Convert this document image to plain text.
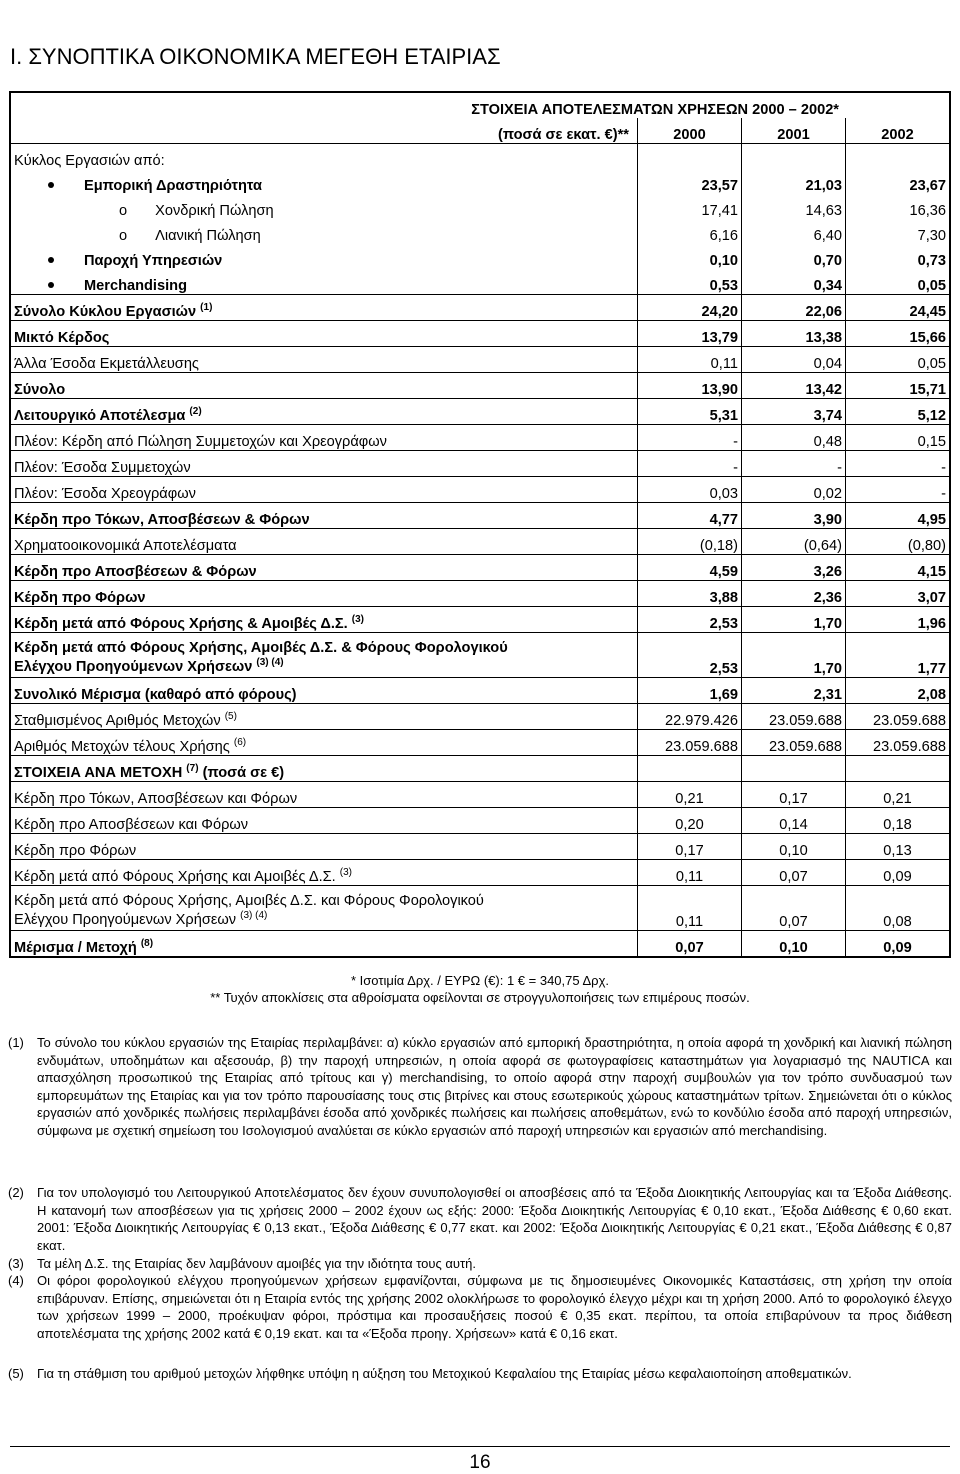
I. ΣΥΝΟΠΤΙΚΑ ΟΙΚΟΝΟΜΙΚΑ ΜΕΓΕΘΗ ΕΤΑΙΡΙΑΣ
ΣΤΟΙΧΕΙΑ ΑΠΟΤΕΛΕΣΜΑΤΩΝ ΧΡΗΣΕΩΝ 2000 – 2002*			
(ποσά σε εκατ. €)**	2000	2001	2002
Κύκλος Εργασιών από:			
Εμπορική Δραστηριότητα	23,57	21,03	23,67
o Χονδρική Πώληση	17,41	14,63	16,36
o Λιανική Πώληση	6,16	6,40	7,30
Παροχή Υπηρεσιών	0,10	0,70	0,73
Merchandising	0,53	0,34	0,05
Σύνολο Κύκλου Εργασιών $^{(1)}$	24,20	22,06	24,45
Μικτό Κέρδος	13,79	13,38	15,66
Άλλα Έσοδα Εκμετάλλευσης	0,11	0,04	0,05
Σύνολο	13,90	13,42	15,71
Λειτουργικό Αποτέλεσμα $^{(2)}$	5,31	3,74	5,12
Πλέον: Κέρδη από Πώληση Συμμετοχών και Χρεογράφων	-	0,48	0,15
Πλέον: Έσοδα Συμμετοχών	-	-	-
Πλέον: Έσοδα Χρεογράφων	0,03	0,02	-
Κέρδη προ Τόκων, Αποσβέσεων & Φόρων	4,77	3,90	4,95
Χρηματοοικονομικά Αποτελέσματα	(0,18)	(0,64)	(0,80)
Κέρδη προ Αποσβέσεων & Φόρων	4,59	3,26	4,15
Κέρδη προ Φόρων	3,88	2,36	3,07
Κέρδη μετά από Φόρους Χρήσης & Αμοιβές Δ.Σ. $^{(3)}$	2,53	1,70	1,96
Κέρδη μετά από Φόρους Χρήσης, Αμοιβές Δ.Σ. & Φόρους Φορολογικού
Ελέγχου Προηγούμενων Χρήσεων $^{(3) (4)}$	2,53	1,70	1,77
Συνολικό Μέρισμα (καθαρό από φόρους)	1,69	2,31	2,08
Σταθμισμένος Αριθμός Μετοχών $^{(5)}$	22.979.426	23.059.688	23.059.688
Αριθμός Μετοχών τέλους Χρήσης $^{(6)}$	23.059.688	23.059.688	23.059.688
ΣΤΟΙΧΕΙΑ ΑΝΑ ΜΕΤΟΧΗ $^{(7)}$ (ποσά σε €)			
Κέρδη προ Τόκων, Αποσβέσεων και Φόρων	0,21	0,17	0,21
Κέρδη προ Αποσβέσεων και Φόρων	0,20	0,14	0,18
Κέρδη προ Φόρων	0,17	0,10	0,13
Κέρδη μετά από Φόρους Χρήσης και Αμοιβές Δ.Σ. $^{(3)}$	0,11	0,07	0,09
Κέρδη μετά από Φόρους Χρήσης, Αμοιβές Δ.Σ. και Φόρους Φορολογικού
Ελέγχου Προηγούμενων Χρήσεων $^{(3) (4)}$	0,11	0,07	0,08
Μέρισμα / Μετοχή $^{(8)}$	0,07	0,10	0,09
* Ισοτιμία Δρχ. / ΕΥΡΩ (€): 1 € = 340,75 Δρχ.
** Τυχόν αποκλίσεις στα αθροίσματα οφείλονται σε στρογγυλοποιήσεις των επιμέρους ποσών.
(1) Το σύνολο του κύκλου εργασιών της Εταιρίας περιλαμβάνει: α) κύκλο εργασιών από εμπορική δραστηριότητα, η οποία αφορά τη χονδρική και λιανική πώληση ενδυμάτων, υποδημάτων και αξεσουάρ, β) την παροχή υπηρεσιών, η οποία αφορά σε φωτογραφίσεις καταστημάτων για λογαριασμό της NAUTICA και απασχόληση προσωπικού της Εταιρίας από τρίτους και γ) merchandising, το οποίο αφορά στην παροχή συμβουλών για τον τρόπο συνδυασμού των εμπορευμάτων της Εταιρίας και για τον τρόπο παρουσίασης τους στις βιτρίνες και στους εσωτερικούς χώρους καταστημάτων τρίτων. Σημειώνεται ότι ο κύκλος εργασιών από χονδρικές πωλήσεις περιλαμβάνει έσοδα από χονδρικές πωλήσεις και πωλήσεις αποθεμάτων, ενώ το κονδύλιο έσοδα από παροχή υπηρεσιών, σύμφωνα με σχετική σημείωση του Ισολογισμού αναλύεται σε κύκλο εργασιών από παροχή υπηρεσιών και εργασιών από merchandising.
(2) Για τον υπολογισμό του Λειτουργικού Αποτελέσματος δεν έχουν συνυπολογισθεί οι αποσβέσεις από τα Έξοδα Διοικητικής Λειτουργίας και τα Έξοδα Διάθεσης. Η κατανομή των αποσβέσεων για τις χρήσεις 2000 – 2002 έχουν ως εξής: 2000: Έξοδα Διοικητικής Λειτουργίας € 0,10 εκατ., Έξοδα Διάθεσης € 0,60 εκατ. 2001: Έξοδα Διοικητικής Λειτουργίας € 0,13 εκατ., Έξοδα Διάθεσης € 0,77 εκατ. και 2002: Έξοδα Διοικητικής Λειτουργίας € 0,21 εκατ., Έξοδα Διάθεσης € 0,87 εκατ.
(3) Τα μέλη Δ.Σ. της Εταιρίας δεν λαμβάνουν αμοιβές για την ιδιότητα τους αυτή.
(4) Οι φόροι φορολογικού ελέγχου προηγούμενων χρήσεων εμφανίζονται, σύμφωνα με τις δημοσιευμένες Οικονομικές Καταστάσεις, στη χρήση την οποία επιβάρυναν. Επίσης, σημειώνεται ότι η Εταιρία εντός της χρήσης 2002 ολοκλήρωσε το φορολογικό έλεγχο μέχρι και τη χρήση 2000. Από το φορολογικό έλεγχο των χρήσεων 1999 – 2000, προέκυψαν φόροι, πρόστιμα και προσαυξήσεις ποσού € 0,35 εκατ. περίπου, τα οποία επιβαρύνουν τα προς διάθεση αποτελέσματα της χρήσης 2002 κατά € 0,19 εκατ. και τα «Έξοδα προηγ. Χρήσεων» κατά € 0,16 εκατ.
(5) Για τη στάθμιση του αριθμού μετοχών λήφθηκε υπόψη η αύξηση του Μετοχικού Κεφαλαίου της Εταιρίας μέσω κεφαλαιοποίηση αποθεματικών.
16
